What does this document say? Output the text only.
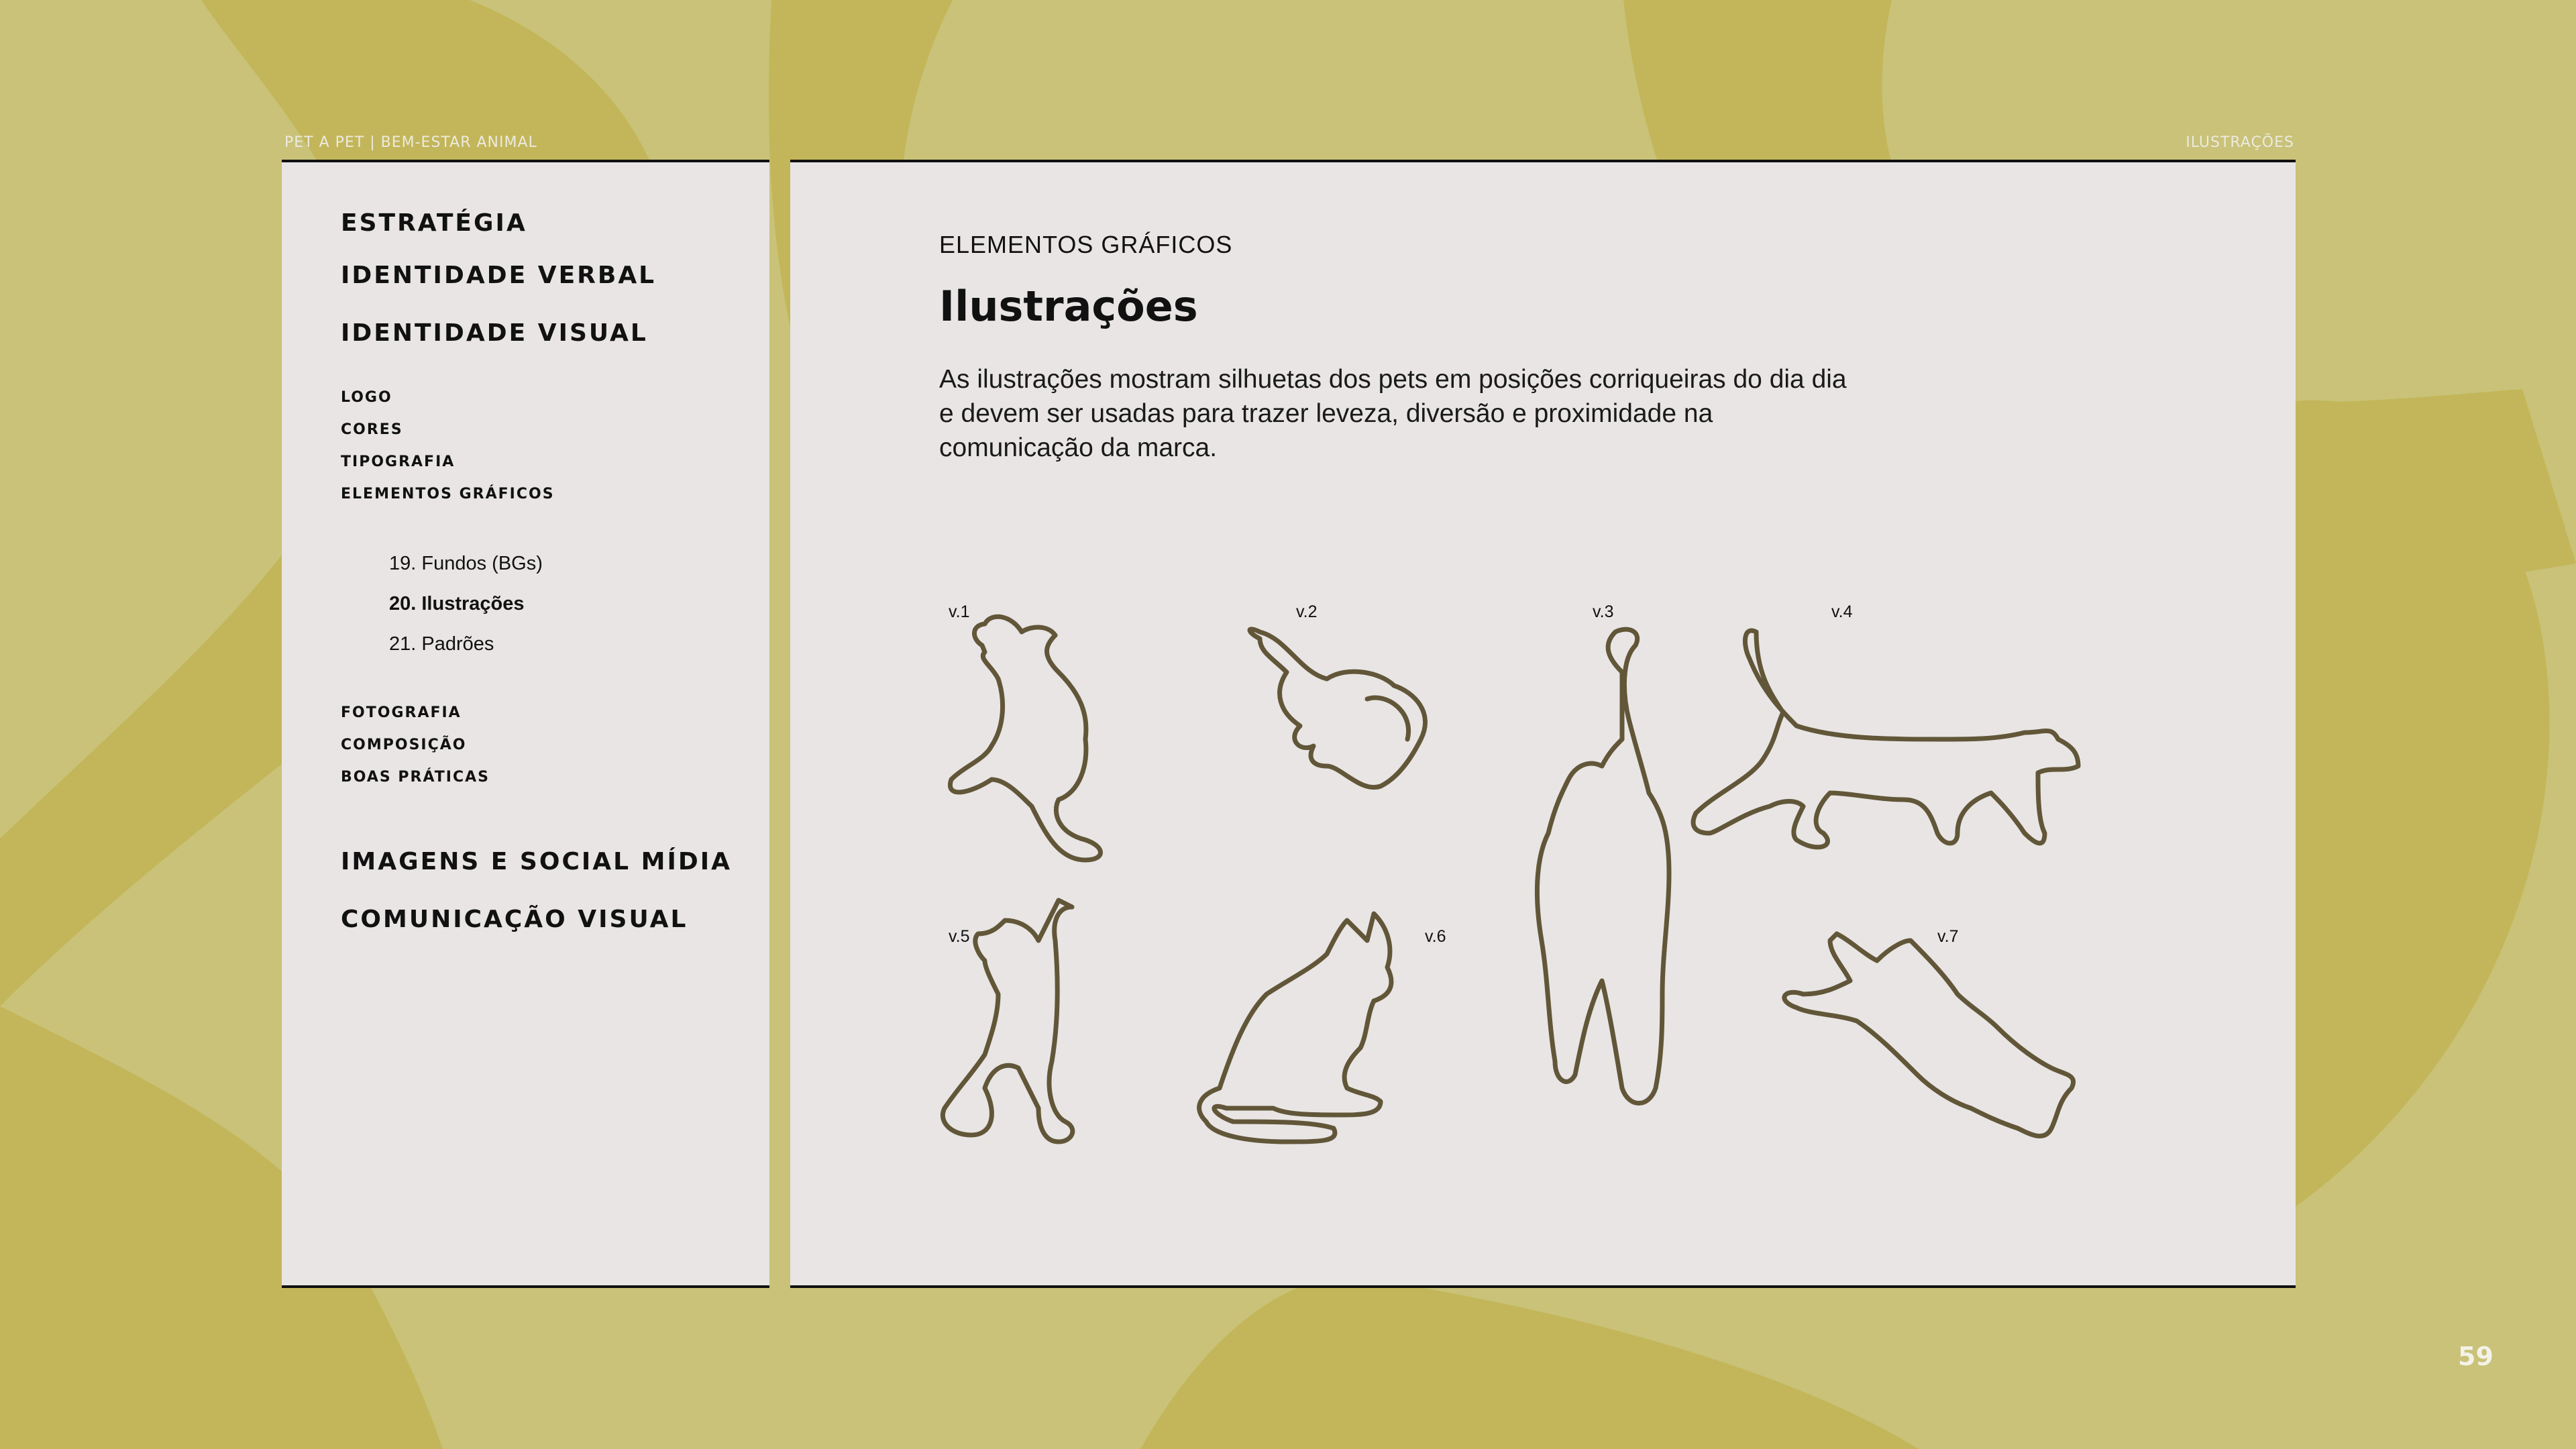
PET A PET | BEM-ESTAR ANIMAL	ILUSTRAÇÕES
ESTRATÉGIA
IDENTIDADE VERBAL
IDENTIDADE VISUAL
LOGO
CORES
TIPOGRAFIA
ELEMENTOS GRÁFICOS
19. Fundos (BGs)
20. Ilustrações
21. Padrões
FOTOGRAFIA
COMPOSIÇÃO
BOAS PRÁTICAS
IMAGENS E SOCIAL MÍDIA
COMUNICAÇÃO VISUAL
ELEMENTOS GRÁFICOS
Ilustrações
As ilustrações mostram silhuetas dos pets em posições corriqueiras do dia dia e devem ser usadas para trazer leveza, diversão e proximidade na comunicação da marca.
v.1	v.2	v.3	v.4
v.5	v.6	v.7
59
